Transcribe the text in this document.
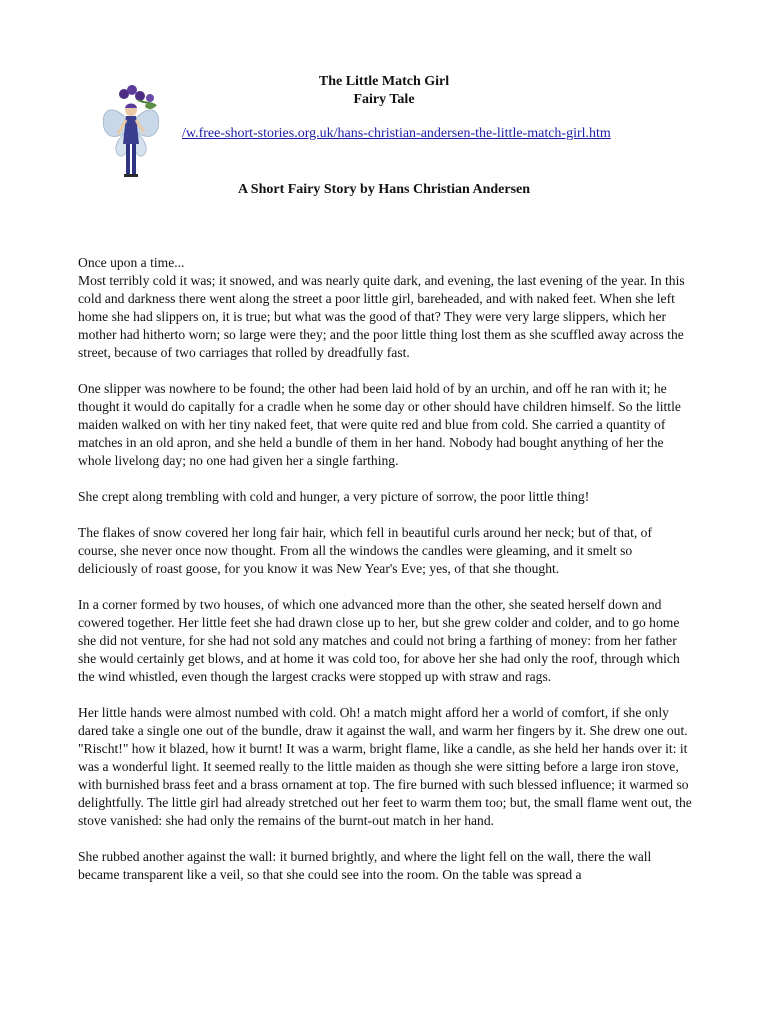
The Little Match Girl
Fairy Tale
/w.free-short-stories.org.uk/hans-christian-andersen-the-little-match-girl.htm
A Short Fairy Story by Hans Christian Andersen

Once upon a time...

Most terribly cold it was; it snowed, and was nearly quite dark, and evening, the last evening of the year. In this cold and darkness there went along the street a poor little girl, bareheaded, and with naked feet. When she left home she had slippers on, it is true; but what was the good of that? They were very large slippers, which her mother had hitherto worn; so large were they; and the poor little thing lost them as she scuffled away across the street, because of two carriages that rolled by dreadfully fast.

One slipper was nowhere to be found; the other had been laid hold of by an urchin, and off he ran with it; he thought it would do capitally for a cradle when he some day or other should have children himself. So the little maiden walked on with her tiny naked feet, that were quite red and blue from cold. She carried a quantity of matches in an old apron, and she held a bundle of them in her hand. Nobody had bought anything of her the whole livelong day; no one had given her a single farthing.

She crept along trembling with cold and hunger, a very picture of sorrow, the poor little thing!

The flakes of snow covered her long fair hair, which fell in beautiful curls around her neck; but of that, of course, she never once now thought. From all the windows the candles were gleaming, and it smelt so deliciously of roast goose, for you know it was New Year's Eve; yes, of that she thought.

In a corner formed by two houses, of which one advanced more than the other, she seated herself down and cowered together. Her little feet she had drawn close up to her, but she grew colder and colder, and to go home she did not venture, for she had not sold any matches and could not bring a farthing of money: from her father she would certainly get blows, and at home it was cold too, for above her she had only the roof, through which the wind whistled, even though the largest cracks were stopped up with straw and rags.

Her little hands were almost numbed with cold. Oh! a match might afford her a world of comfort, if she only dared take a single one out of the bundle, draw it against the wall, and warm her fingers by it. She drew one out. "Rischt!" how it blazed, how it burnt! It was a warm, bright flame, like a candle, as she held her hands over it: it was a wonderful light. It seemed really to the little maiden as though she were sitting before a large iron stove, with burnished brass feet and a brass ornament at top. The fire burned with such blessed influence; it warmed so delightfully. The little girl had already stretched out her feet to warm them too; but, the small flame went out, the stove vanished: she had only the remains of the burnt-out match in her hand.

She rubbed another against the wall: it burned brightly, and where the light fell on the wall, there the wall became transparent like a veil, so that she could see into the room. On the table was spread a
